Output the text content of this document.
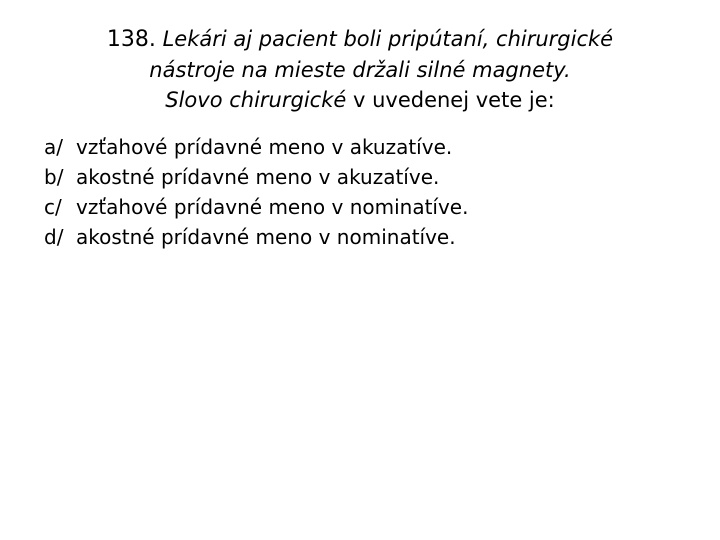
138. Lekári aj pacient boli pripútaní, chirurgické
nástroje na mieste držali silné magnety.
Slovo chirurgické v uvedenej vete je:
a/ vzťahové prídavné meno v akuzatíve.
b/ akostné prídavné meno v akuzatíve.
c/ vzťahové prídavné meno v nominatíve.
d/ akostné prídavné meno v nominatíve.
